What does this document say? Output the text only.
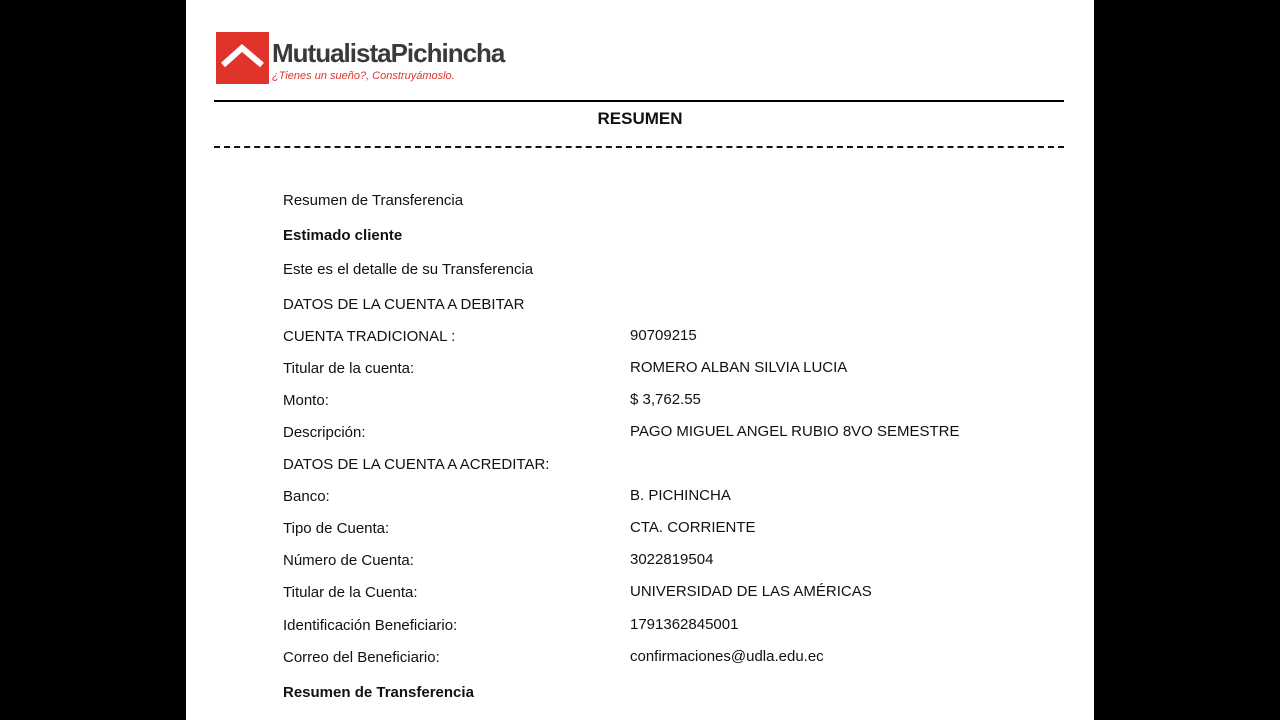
MutualistaPichincha
¿Tienes un sueño?, Construyámoslo.
RESUMEN
Resumen de Transferencia
Estimado cliente
Este es el detalle de su Transferencia
DATOS DE LA CUENTA A DEBITAR
CUENTA TRADICIONAL :	90709215
Titular de la cuenta:	ROMERO ALBAN SILVIA LUCIA
Monto:	$ 3,762.55
Descripción:	PAGO MIGUEL ANGEL RUBIO 8VO SEMESTRE
DATOS DE LA CUENTA A ACREDITAR:
Banco:	B. PICHINCHA
Tipo de Cuenta:	CTA. CORRIENTE
Número de Cuenta:	3022819504
Titular de la Cuenta:	UNIVERSIDAD DE LAS AMÉRICAS
Identificación Beneficiario:	1791362845001
Correo del Beneficiario:	confirmaciones@udla.edu.ec
Resumen de Transferencia
